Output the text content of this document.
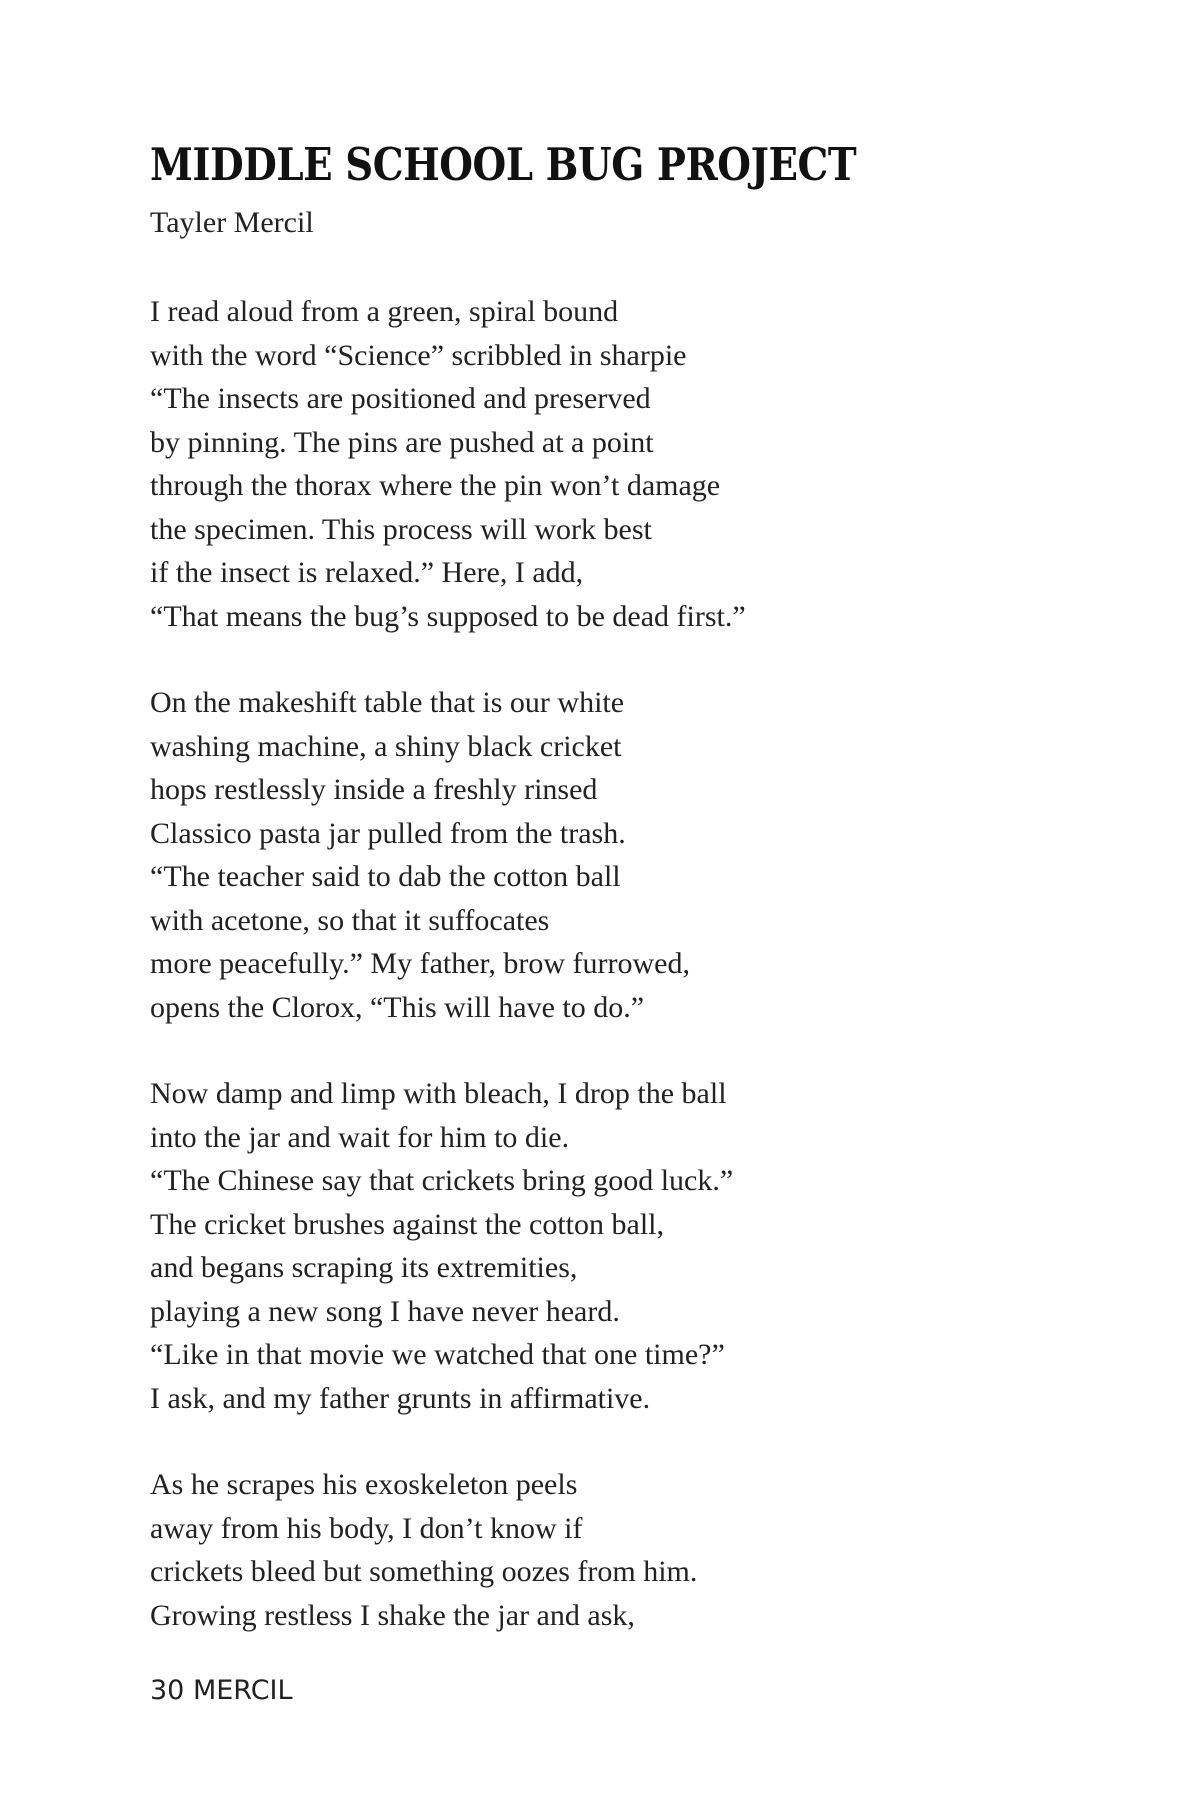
MIDDLE SCHOOL BUG PROJECT
Tayler Mercil
I read aloud from a green, spiral bound
with the word “Science” scribbled in sharpie
“The insects are positioned and preserved
by pinning. The pins are pushed at a point
through the thorax where the pin won’t damage
the specimen. This process will work best
if the insect is relaxed.” Here, I add,
“That means the bug’s supposed to be dead first.”
On the makeshift table that is our white
washing machine, a shiny black cricket
hops restlessly inside a freshly rinsed
Classico pasta jar pulled from the trash.
“The teacher said to dab the cotton ball
with acetone, so that it suffocates
more peacefully.” My father, brow furrowed,
opens the Clorox, “This will have to do.”
Now damp and limp with bleach, I drop the ball
into the jar and wait for him to die.
“The Chinese say that crickets bring good luck.”
The cricket brushes against the cotton ball,
and begans scraping its extremities,
playing a new song I have never heard.
“Like in that movie we watched that one time?”
I ask, and my father grunts in affirmative.
As he scrapes his exoskeleton peels
away from his body, I don’t know if
crickets bleed but something oozes from him.
Growing restless I shake the jar and ask,
30 MERCIL
